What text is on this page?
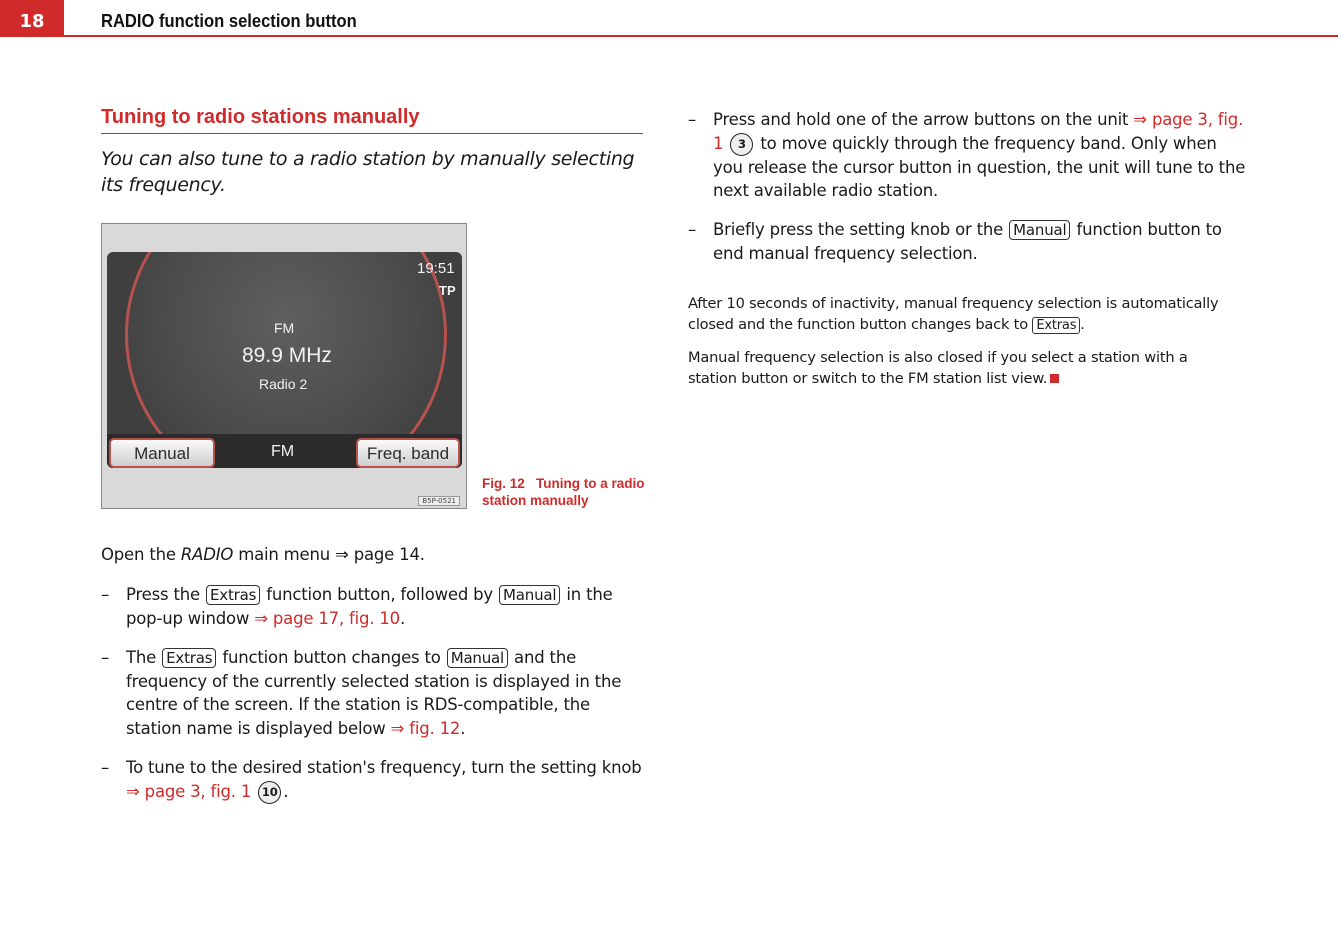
18	RADIO function selection button
Tuning to radio stations manually
You can also tune to a radio station by manually selecting its frequency.
19:51
TP
FM
89.9 MHz
Radio 2
Manual	FM	Freq. band
B5P-0521
Fig. 12 Tuning to a radio station manually
Open the RADIO main menu ⇒ page 14.
– Press the Extras function button, followed by Manual in the pop-up window ⇒ page 17, fig. 10.
– The Extras function button changes to Manual and the frequency of the currently selected station is displayed in the centre of the screen. If the station is RDS-compatible, the station name is displayed below ⇒ fig. 12.
– To tune to the desired station's frequency, turn the setting knob ⇒ page 3, fig. 1 10 .
– Press and hold one of the arrow buttons on the unit ⇒ page 3, fig. 1 3 to move quickly through the frequency band. Only when you release the cursor button in question, the unit will tune to the next available radio station.
– Briefly press the setting knob or the Manual function button to end manual frequency selection.
After 10 seconds of inactivity, manual frequency selection is automatically closed and the function button changes back to Extras .
Manual frequency selection is also closed if you select a station with a station button or switch to the FM station list view.
